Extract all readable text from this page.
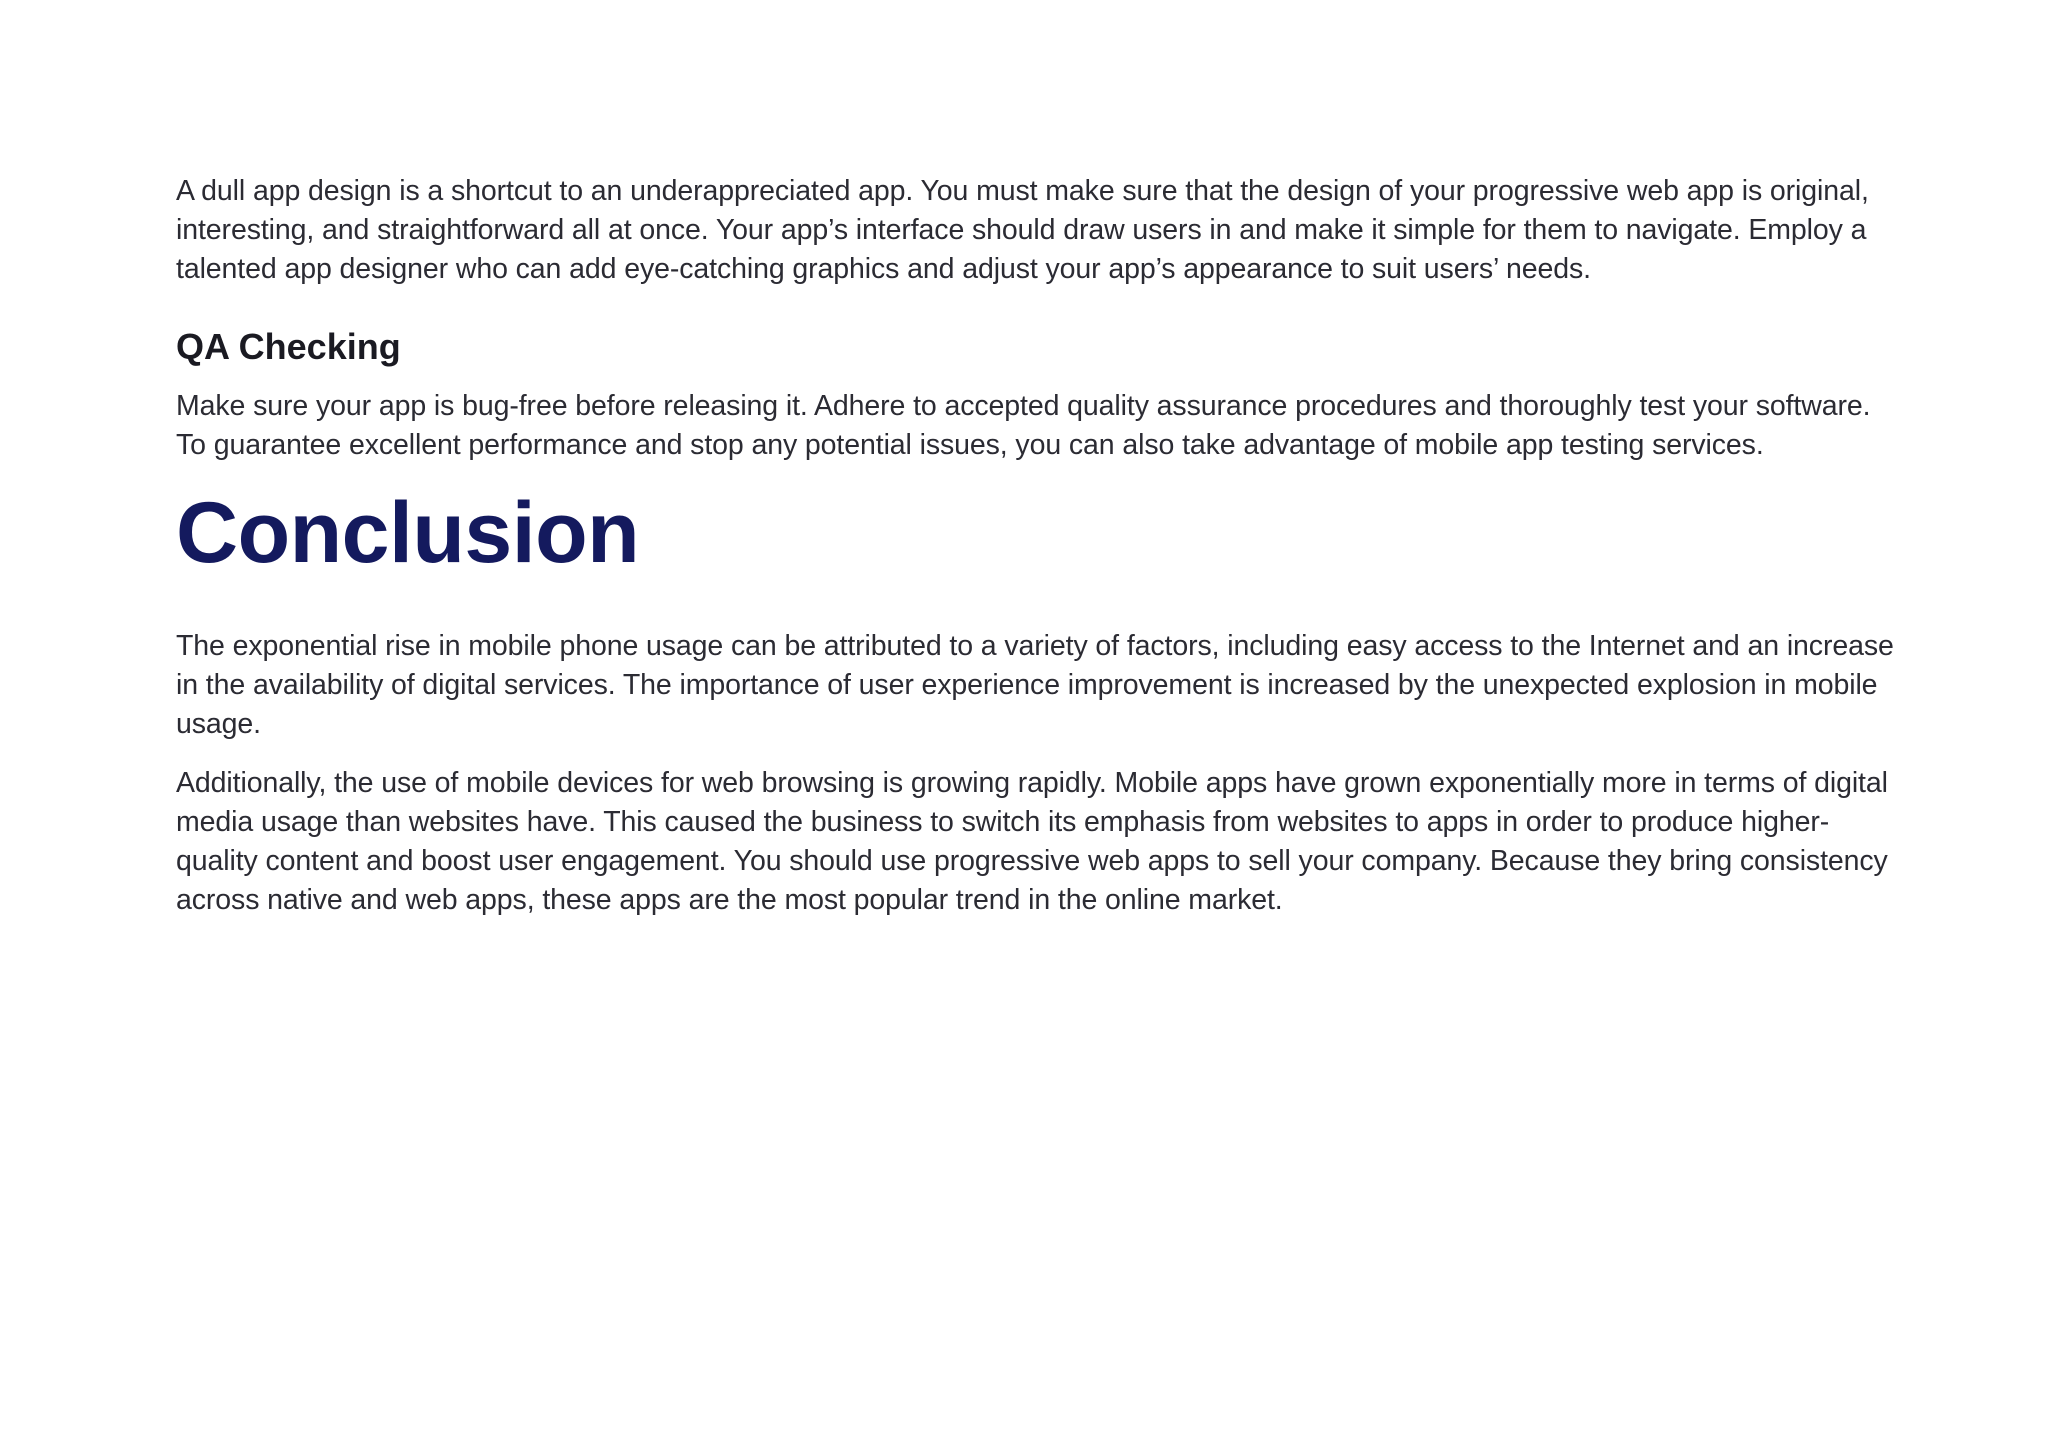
A dull app design is a shortcut to an underappreciated app. You must make sure that the design of your progressive web app is original, interesting, and straightforward all at once. Your app’s interface should draw users in and make it simple for them to navigate. Employ a talented app designer who can add eye-catching graphics and adjust your app’s appearance to suit users’ needs.

QA Checking

Make sure your app is bug-free before releasing it. Adhere to accepted quality assurance procedures and thoroughly test your software. To guarantee excellent performance and stop any potential issues, you can also take advantage of mobile app testing services.

Conclusion

The exponential rise in mobile phone usage can be attributed to a variety of factors, including easy access to the Internet and an increase in the availability of digital services. The importance of user experience improvement is increased by the unexpected explosion in mobile usage.

Additionally, the use of mobile devices for web browsing is growing rapidly. Mobile apps have grown exponentially more in terms of digital media usage than websites have. This caused the business to switch its emphasis from websites to apps in order to produce higher-quality content and boost user engagement. You should use progressive web apps to sell your company. Because they bring consistency across native and web apps, these apps are the most popular trend in the online market.
